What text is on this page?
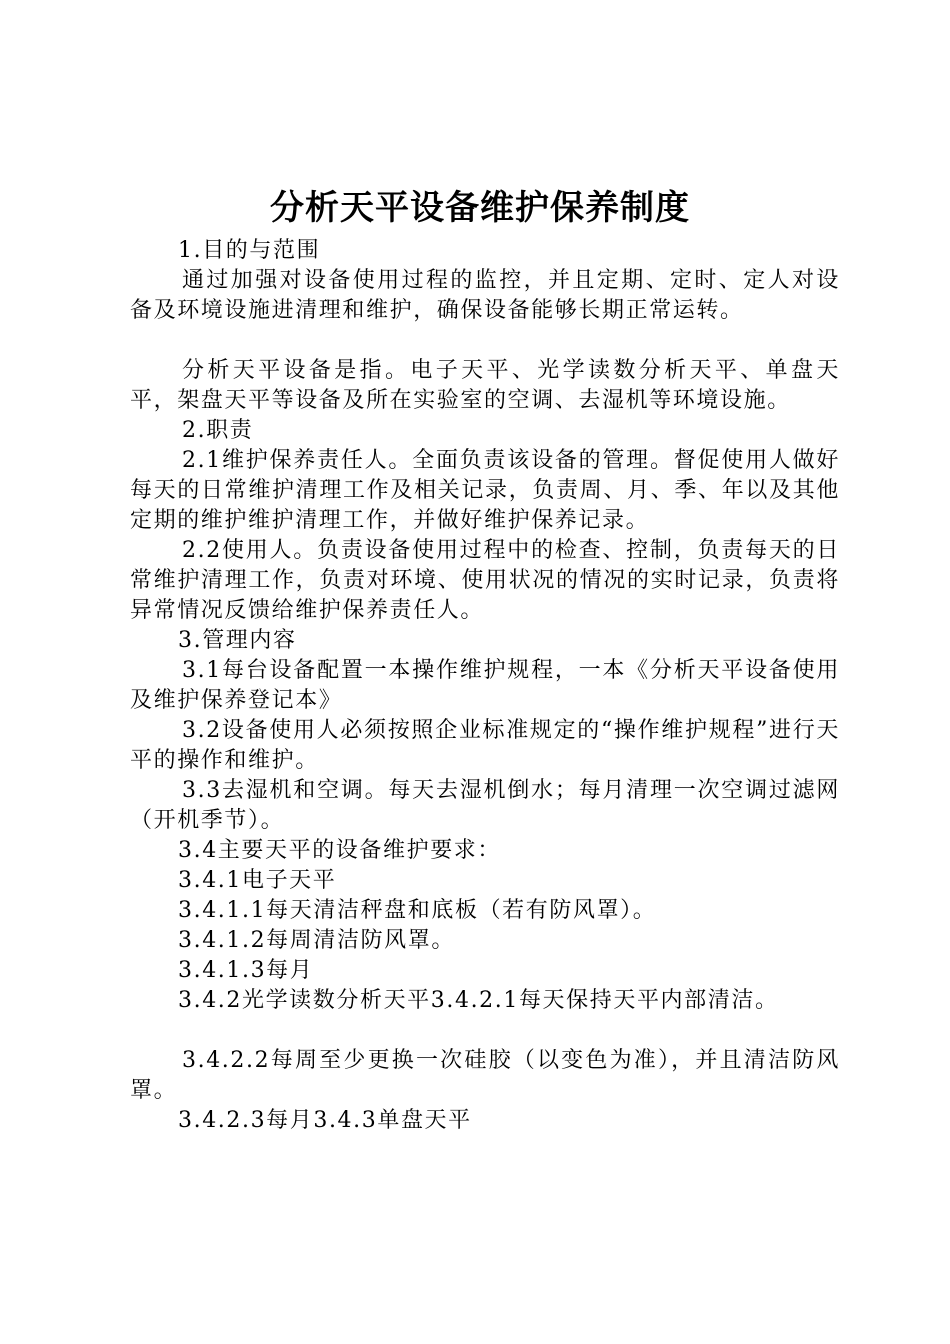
分析天平设备维护保养制度

1.目的与范围

通过加强对设备使用过程的监控，并且定期、定时、定人对设备及环境设施进清理和维护，确保设备能够长期正常运转。

分析天平设备是指。电子天平、光学读数分析天平、单盘天平，架盘天平等设备及所在实验室的空调、去湿机等环境设施。

2.职责

2.1维护保养责任人。全面负责该设备的管理。督促使用人做好每天的日常维护清理工作及相关记录，负责周、月、季、年以及其他定期的维护维护清理工作，并做好维护保养记录。

2.2使用人。负责设备使用过程中的检查、控制，负责每天的日常维护清理工作，负责对环境、使用状况的情况的实时记录，负责将异常情况反馈给维护保养责任人。

3.管理内容

3.1每台设备配置一本操作维护规程，一本《分析天平设备使用及维护保养登记本》

3.2设备使用人必须按照企业标准规定的“操作维护规程”进行天平的操作和维护。

3.3去湿机和空调。每天去湿机倒水；每月清理一次空调过滤网（开机季节）。

3.4主要天平的设备维护要求：

3.4.1电子天平

3.4.1.1每天清洁秤盘和底板（若有防风罩）。

3.4.1.2每周清洁防风罩。

3.4.1.3每月

3.4.2光学读数分析天平3.4.2.1每天保持天平内部清洁。

3.4.2.2每周至少更换一次硅胶（以变色为准），并且清洁防风罩。

3.4.2.3每月3.4.3单盘天平
